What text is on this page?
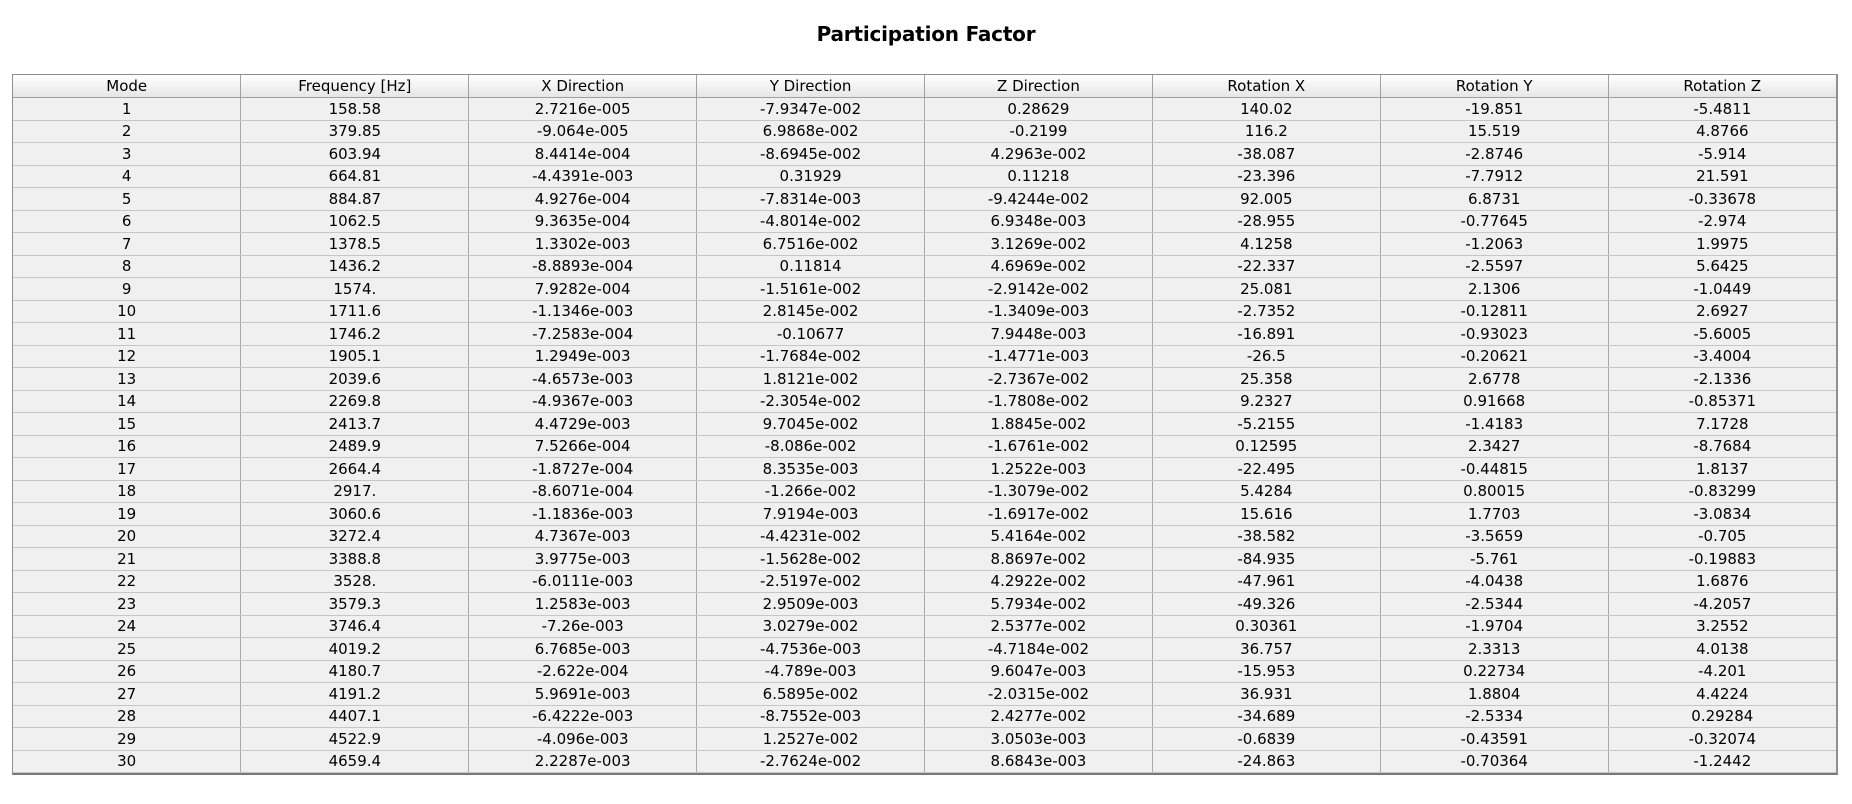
Participation Factor
Mode	Frequency [Hz]	X Direction	Y Direction	Z Direction	Rotation X	Rotation Y	Rotation Z
1	158.58	2.7216e-005	-7.9347e-002	0.28629	140.02	-19.851	-5.4811
2	379.85	-9.064e-005	6.9868e-002	-0.2199	116.2	15.519	4.8766
3	603.94	8.4414e-004	-8.6945e-002	4.2963e-002	-38.087	-2.8746	-5.914
4	664.81	-4.4391e-003	0.31929	0.11218	-23.396	-7.7912	21.591
5	884.87	4.9276e-004	-7.8314e-003	-9.4244e-002	92.005	6.8731	-0.33678
6	1062.5	9.3635e-004	-4.8014e-002	6.9348e-003	-28.955	-0.77645	-2.974
7	1378.5	1.3302e-003	6.7516e-002	3.1269e-002	4.1258	-1.2063	1.9975
8	1436.2	-8.8893e-004	0.11814	4.6969e-002	-22.337	-2.5597	5.6425
9	1574.	7.9282e-004	-1.5161e-002	-2.9142e-002	25.081	2.1306	-1.0449
10	1711.6	-1.1346e-003	2.8145e-002	-1.3409e-003	-2.7352	-0.12811	2.6927
11	1746.2	-7.2583e-004	-0.10677	7.9448e-003	-16.891	-0.93023	-5.6005
12	1905.1	1.2949e-003	-1.7684e-002	-1.4771e-003	-26.5	-0.20621	-3.4004
13	2039.6	-4.6573e-003	1.8121e-002	-2.7367e-002	25.358	2.6778	-2.1336
14	2269.8	-4.9367e-003	-2.3054e-002	-1.7808e-002	9.2327	0.91668	-0.85371
15	2413.7	4.4729e-003	9.7045e-002	1.8845e-002	-5.2155	-1.4183	7.1728
16	2489.9	7.5266e-004	-8.086e-002	-1.6761e-002	0.12595	2.3427	-8.7684
17	2664.4	-1.8727e-004	8.3535e-003	1.2522e-003	-22.495	-0.44815	1.8137
18	2917.	-8.6071e-004	-1.266e-002	-1.3079e-002	5.4284	0.80015	-0.83299
19	3060.6	-1.1836e-003	7.9194e-003	-1.6917e-002	15.616	1.7703	-3.0834
20	3272.4	4.7367e-003	-4.4231e-002	5.4164e-002	-38.582	-3.5659	-0.705
21	3388.8	3.9775e-003	-1.5628e-002	8.8697e-002	-84.935	-5.761	-0.19883
22	3528.	-6.0111e-003	-2.5197e-002	4.2922e-002	-47.961	-4.0438	1.6876
23	3579.3	1.2583e-003	2.9509e-003	5.7934e-002	-49.326	-2.5344	-4.2057
24	3746.4	-7.26e-003	3.0279e-002	2.5377e-002	0.30361	-1.9704	3.2552
25	4019.2	6.7685e-003	-4.7536e-003	-4.7184e-002	36.757	2.3313	4.0138
26	4180.7	-2.622e-004	-4.789e-003	9.6047e-003	-15.953	0.22734	-4.201
27	4191.2	5.9691e-003	6.5895e-002	-2.0315e-002	36.931	1.8804	4.4224
28	4407.1	-6.4222e-003	-8.7552e-003	2.4277e-002	-34.689	-2.5334	0.29284
29	4522.9	-4.096e-003	1.2527e-002	3.0503e-003	-0.6839	-0.43591	-0.32074
30	4659.4	2.2287e-003	-2.7624e-002	8.6843e-003	-24.863	-0.70364	-1.2442
